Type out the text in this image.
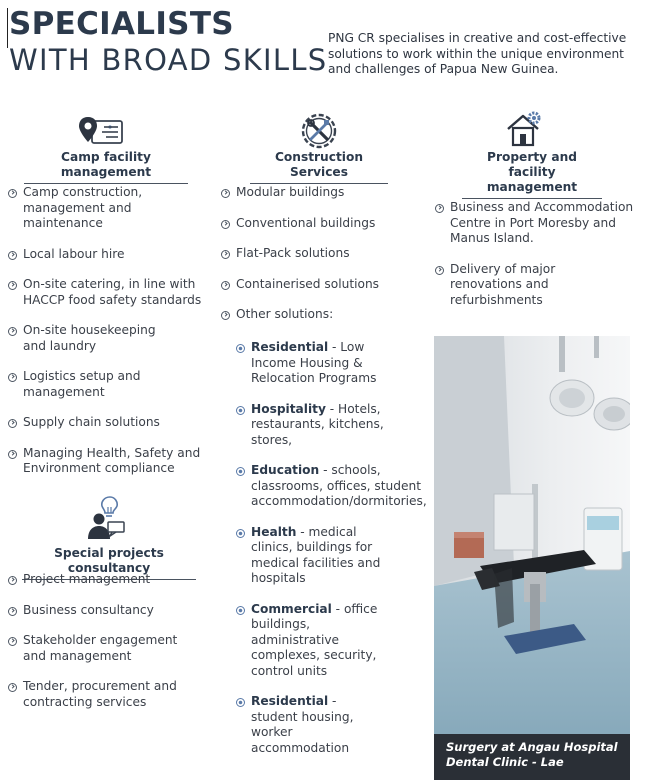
SPECIALISTS
WITH BROAD SKILLS

PNG CR specialises in creative and cost-effective solutions to work within the unique environment and challenges of Papua New Guinea.

Camp facility management
Camp construction, management and maintenance
Local labour hire
On-site catering, in line with HACCP food safety standards
On-site housekeeping and laundry
Logistics setup and management
Supply chain solutions
Managing Health, Safety and Environment compliance
Special projects consultancy
Project management
Business consultancy
Stakeholder engagement and management
Tender, procurement and contracting services
Construction Services
Modular buildings
Conventional buildings
Flat-Pack solutions
Containerised solutions
Other solutions:
Residential - Low Income Housing & Relocation Programs
Hospitality - Hotels, restaurants, kitchens, stores,
Education - schools, classrooms, offices, student accommodation/dormitories,
Health - medical clinics, buildings for medical facilities and hospitals
Commercial - office buildings, administrative complexes, security, control units
Residential - student housing, worker accommodation
Property and facility management
Business and Accommodation Centre in Port Moresby and Manus Island.
Delivery of major renovations and refurbishments
Surgery at Angau Hospital Dental Clinic - Lae
